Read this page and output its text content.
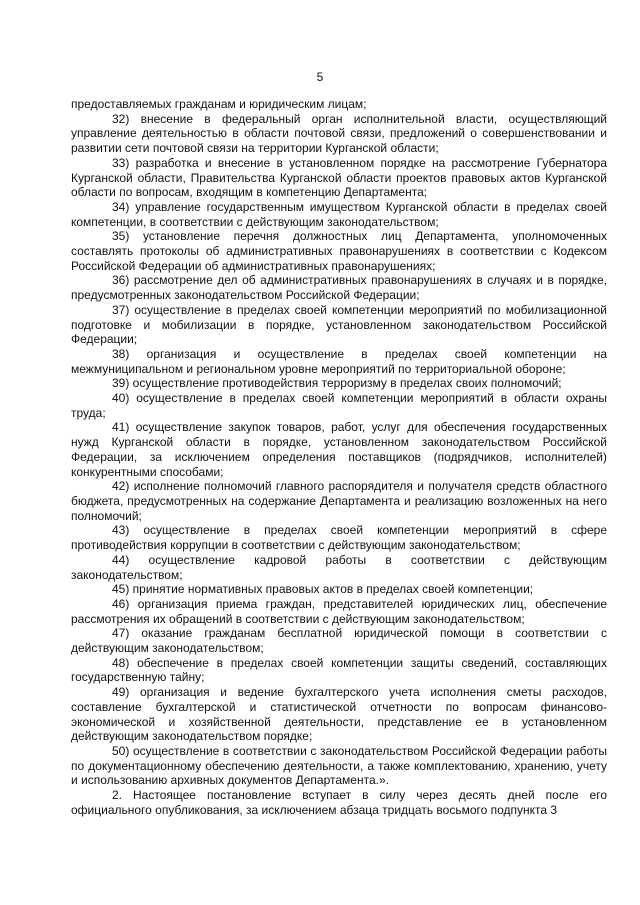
5

предоставляемых гражданам и юридическим лицам;

32) внесение в федеральный орган исполнительной власти, осуществляющий управление деятельностью в области почтовой связи, предложений о совершенствовании и развитии сети почтовой связи на территории Курганской области;

33) разработка и внесение в установленном порядке на рассмотрение Губернатора Курганской области, Правительства Курганской области проектов правовых актов Курганской области по вопросам, входящим в компетенцию Департамента;

34) управление государственным имуществом Курганской области в пределах своей компетенции, в соответствии с действующим законодательством;

35) установление перечня должностных лиц Департамента, уполномоченных составлять протоколы об административных правонарушениях в соответствии с Кодексом Российской Федерации об административных правонарушениях;

36) рассмотрение дел об административных правонарушениях в случаях и в порядке, предусмотренных законодательством Российской Федерации;

37) осуществление в пределах своей компетенции мероприятий по мобилизационной подготовке и мобилизации в порядке, установленном законодательством Российской Федерации;

38) организация и осуществление в пределах своей компетенции на межмуниципальном и региональном уровне мероприятий по территориальной обороне;

39) осуществление противодействия терроризму в пределах своих полномочий;

40) осуществление в пределах своей компетенции мероприятий в области охраны труда;

41) осуществление закупок товаров, работ, услуг для обеспечения государственных нужд Курганской области в порядке, установленном законодательством Российской Федерации, за исключением определения поставщиков (подрядчиков, исполнителей) конкурентными способами;

42) исполнение полномочий главного распорядителя и получателя средств областного бюджета, предусмотренных на содержание Департамента и реализацию возложенных на него полномочий;

43) осуществление в пределах своей компетенции мероприятий в сфере противодействия коррупции в соответствии с действующим законодательством;

44) осуществление кадровой работы в соответствии с действующим законодательством;

45) принятие нормативных правовых актов в пределах своей компетенции;

46) организация приема граждан, представителей юридических лиц, обеспечение рассмотрения их обращений в соответствии с действующим законодательством;

47) оказание гражданам бесплатной юридической помощи в соответствии с действующим законодательством;

48) обеспечение в пределах своей компетенции защиты сведений, составляющих государственную тайну;

49) организация и ведение бухгалтерского учета исполнения сметы расходов, составление бухгалтерской и статистической отчетности по вопросам финансово-экономической и хозяйственной деятельности, представление ее в установленном действующим законодательством порядке;

50) осуществление в соответствии с законодательством Российской Федерации работы по документационному обеспечению деятельности, а также комплектованию, хранению, учету и использованию архивных документов Департамента.».

2. Настоящее постановление вступает в силу через десять дней после его официального опубликования, за исключением абзаца тридцать восьмого подпункта 3
